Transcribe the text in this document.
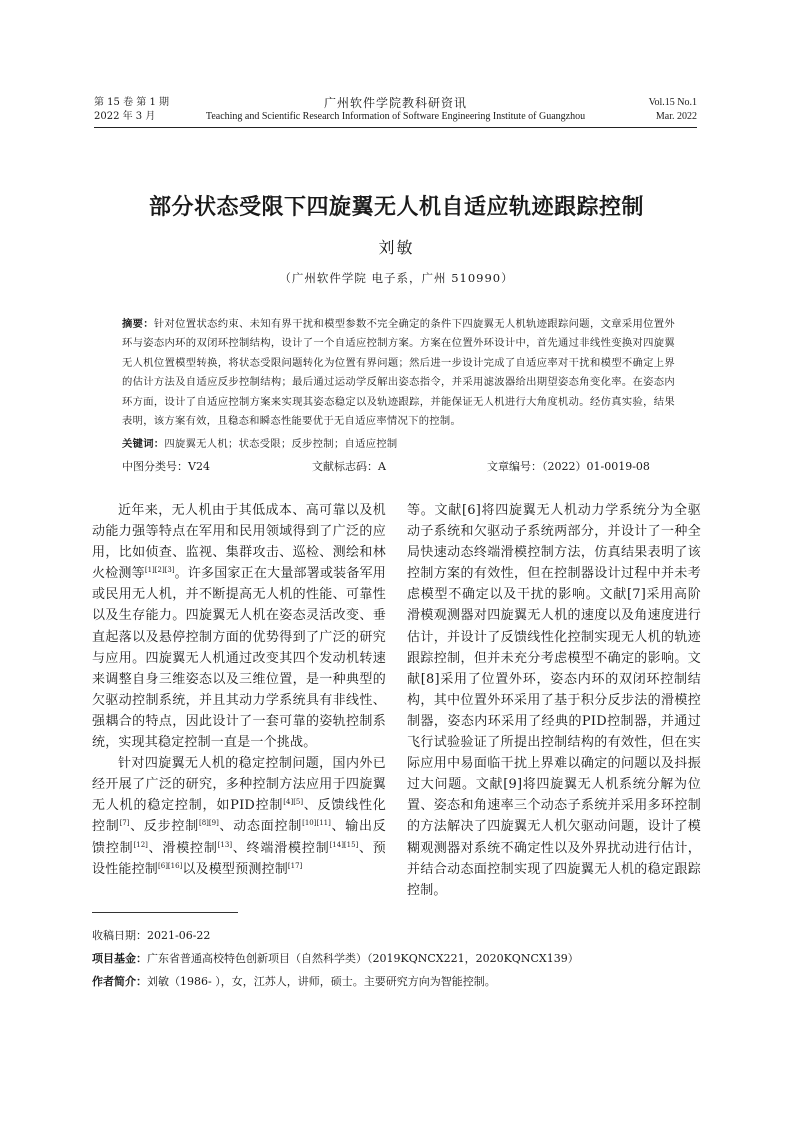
第 15 卷 第 1 期
2022 年 3 月
广州软件学院教科研资讯
Teaching and Scientific Research Information of Software Engineering Institute of Guangzhou
Vol.15 No.1
Mar. 2022
部分状态受限下四旋翼无人机自适应轨迹跟踪控制
刘敏
（广州软件学院 电子系，广州 510990）
摘要：针对位置状态约束、未知有界干扰和模型参数不完全确定的条件下四旋翼无人机轨迹跟踪问题，文章采用位置外环与姿态内环的双闭环控制结构，设计了一个自适应控制方案。方案在位置外环设计中，首先通过非线性变换对四旋翼无人机位置模型转换，将状态受限问题转化为位置有界问题；然后进一步设计完成了自适应率对干扰和模型不确定上界的估计方法及自适应反步控制结构；最后通过运动学反解出姿态指令，并采用滤波器给出期望姿态角变化率。在姿态内环方面，设计了自适应控制方案来实现其姿态稳定以及轨迹跟踪，并能保证无人机进行大角度机动。经仿真实验，结果表明，该方案有效，且稳态和瞬态性能要优于无自适应率情况下的控制。
关键词：四旋翼无人机；状态受限；反步控制；自适应控制
中图分类号：V24	文献标志码：A	文章编号：（2022）01-0019-08

近年来，无人机由于其低成本、高可靠以及机动能力强等特点在军用和民用领域得到了广泛的应用，比如侦查、监视、集群攻击、巡检、测绘和林火检测等[1][2][3]。许多国家正在大量部署或装备军用或民用无人机，并不断提高无人机的性能、可靠性以及生存能力。四旋翼无人机在姿态灵活改变、垂直起落以及悬停控制方面的优势得到了广泛的研究与应用。四旋翼无人机通过改变其四个发动机转速来调整自身三维姿态以及三维位置，是一种典型的欠驱动控制系统，并且其动力学系统具有非线性、强耦合的特点，因此设计了一套可靠的姿轨控制系统，实现其稳定控制一直是一个挑战。

针对四旋翼无人机的稳定控制问题，国内外已经开展了广泛的研究，多种控制方法应用于四旋翼无人机的稳定控制，如PID控制[4][5]、反馈线性化控制[7]、反步控制[8][9]、动态面控制[10][11]、输出反馈控制[12]、滑模控制[13]、终端滑模控制[14][15]、预设性能控制[6][16]以及模型预测控制[17]

等。文献[6]将四旋翼无人机动力学系统分为全驱动子系统和欠驱动子系统两部分，并设计了一种全局快速动态终端滑模控制方法，仿真结果表明了该控制方案的有效性，但在控制器设计过程中并未考虑模型不确定以及干扰的影响。文献[7]采用高阶滑模观测器对四旋翼无人机的速度以及角速度进行估计，并设计了反馈线性化控制实现无人机的轨迹跟踪控制，但并未充分考虑模型不确定的影响。文献[8]采用了位置外环，姿态内环的双闭环控制结构，其中位置外环采用了基于积分反步法的滑模控制器，姿态内环采用了经典的PID控制器，并通过飞行试验验证了所提出控制结构的有效性，但在实际应用中易面临干扰上界难以确定的问题以及抖振过大问题。文献[9]将四旋翼无人机系统分解为位置、姿态和角速率三个动态子系统并采用多环控制的方法解决了四旋翼无人机欠驱动问题，设计了模糊观测器对系统不确定性以及外界扰动进行估计，并结合动态面控制实现了四旋翼无人机的稳定跟踪控制。

收稿日期：2021-06-22
项目基金：广东省普通高校特色创新项目（自然科学类）（2019KQNCX221，2020KQNCX139）
作者简介：刘敏（1986- ），女，江苏人，讲师，硕士。主要研究方向为智能控制。
